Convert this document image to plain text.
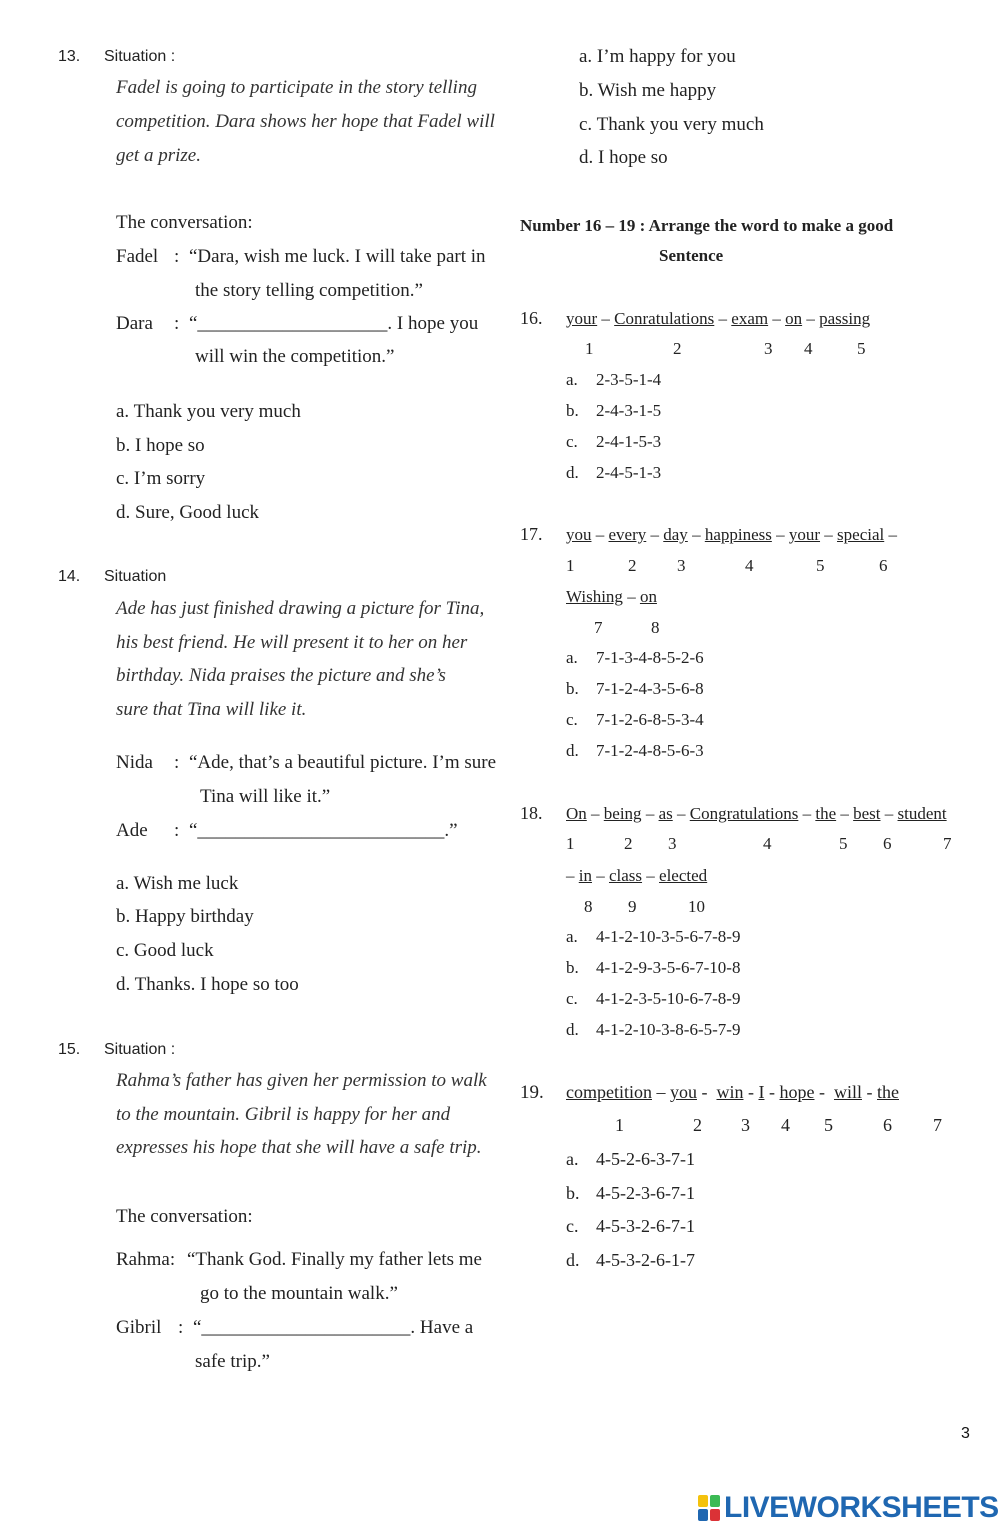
13. Situation :
Fadel is going to participate in the story telling
competition. Dara shows her hope that Fadel will
get a prize.
The conversation:
Fadel : “Dara, wish me luck. I will take part in
the story telling competition.”
Dara : “____________________. I hope you
will win the competition.”
a. Thank you very much
b. I hope so
c. I’m sorry
d. Sure, Good luck
14. Situation
Ade has just finished drawing a picture for Tina,
his best friend. He will present it to her on her
birthday. Nida praises the picture and she’s
sure that Tina will like it.
Nida : “Ade, that’s a beautiful picture. I’m sure
Tina will like it.”
Ade : “__________________________.”
a. Wish me luck
b. Happy birthday
c. Good luck
d. Thanks. I hope so too
15. Situation :
Rahma’s father has given her permission to walk
to the mountain. Gibril is happy for her and
expresses his hope that she will have a safe trip.
The conversation:
Rahma: “Thank God. Finally my father lets me
go to the mountain walk.”
Gibril : “______________________. Have a
safe trip.”
a. I’m happy for you
b. Wish me happy
c. Thank you very much
d. I hope so
Number 16 – 19 : Arrange the word to make a good
Sentence
16. your – Conratulations – exam – on – passing
1	2	3 4	5
a. 2-3-5-1-4
b. 2-4-3-1-5
c. 2-4-1-5-3
d. 2-4-5-1-3
17. you – every – day – happiness – your – special –
1	2 3	4	5	6
Wishing – on
7	8
a. 7-1-3-4-8-5-2-6
b. 7-1-2-4-3-5-6-8
c. 7-1-2-6-8-5-3-4
d. 7-1-2-4-8-5-6-3
18. On – being – as – Congratulations – the – best – student
1	2 3	4	5 6	7
– in – class – elected
8 9	10
a. 4-1-2-10-3-5-6-7-8-9
b. 4-1-2-9-3-5-6-7-10-8
c. 4-1-2-3-5-10-6-7-8-9
d. 4-1-2-10-3-8-6-5-7-9
19. competition – you -  win - I - hope -  will - the
1	2 3 4 5	6 7
a. 4-5-2-6-3-7-1
b. 4-5-2-3-6-7-1
c. 4-5-3-2-6-7-1
d. 4-5-3-2-6-1-7
3
LIVEWORKSHEETS
